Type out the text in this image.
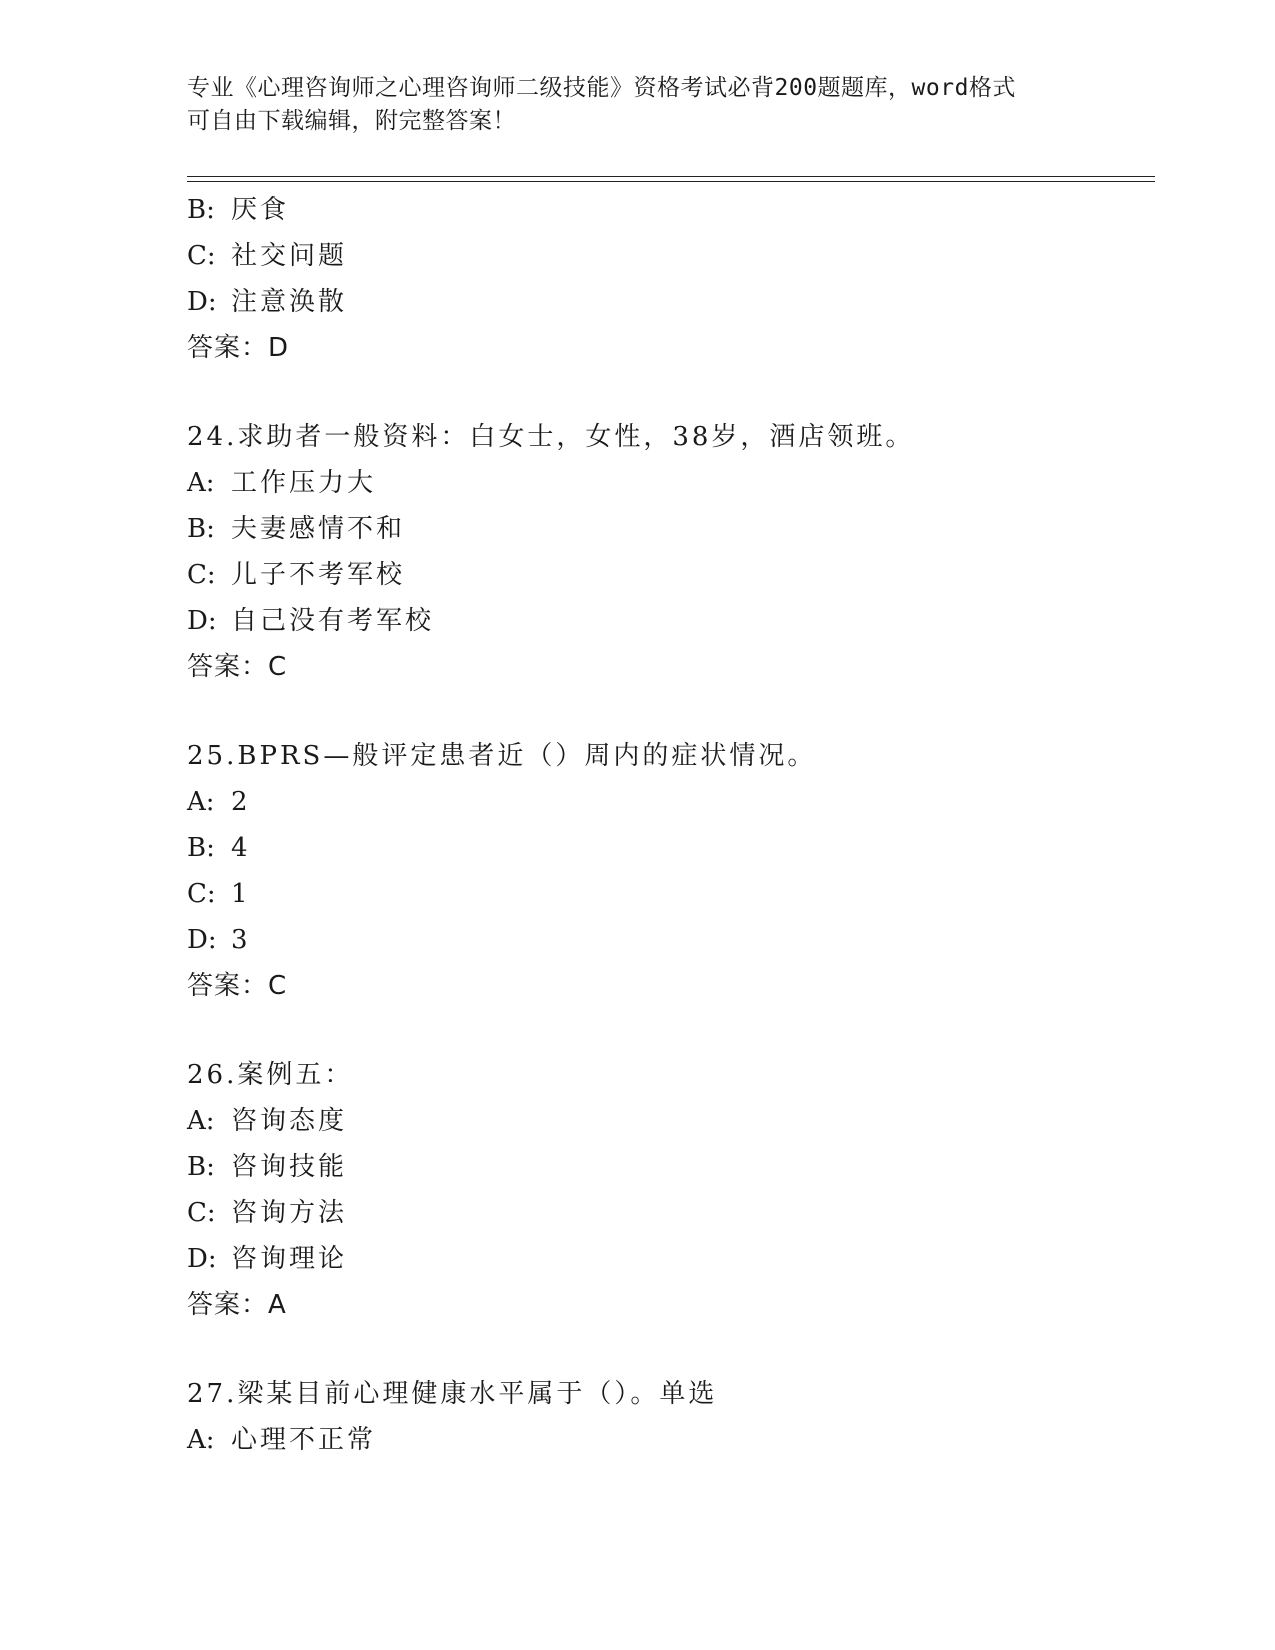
专业《心理咨询师之心理咨询师二级技能》资格考试必背200题题库，word格式
可自由下载编辑，附完整答案！
B: 厌食
C: 社交问题
D: 注意涣散
答案：D
24.求助者一般资料：白女士，女性，38岁，酒店领班。
A: 工作压力大
B: 夫妻感情不和
C: 儿子不考军校
D: 自己没有考军校
答案：C
25.BPRS—般评定患者近（）周内的症状情况。
A: 2
B: 4
C: 1
D: 3
答案：C
26.案例五：
A: 咨询态度
B: 咨询技能
C: 咨询方法
D: 咨询理论
答案：A
27.梁某目前心理健康水平属于（）。单选
A: 心理不正常
